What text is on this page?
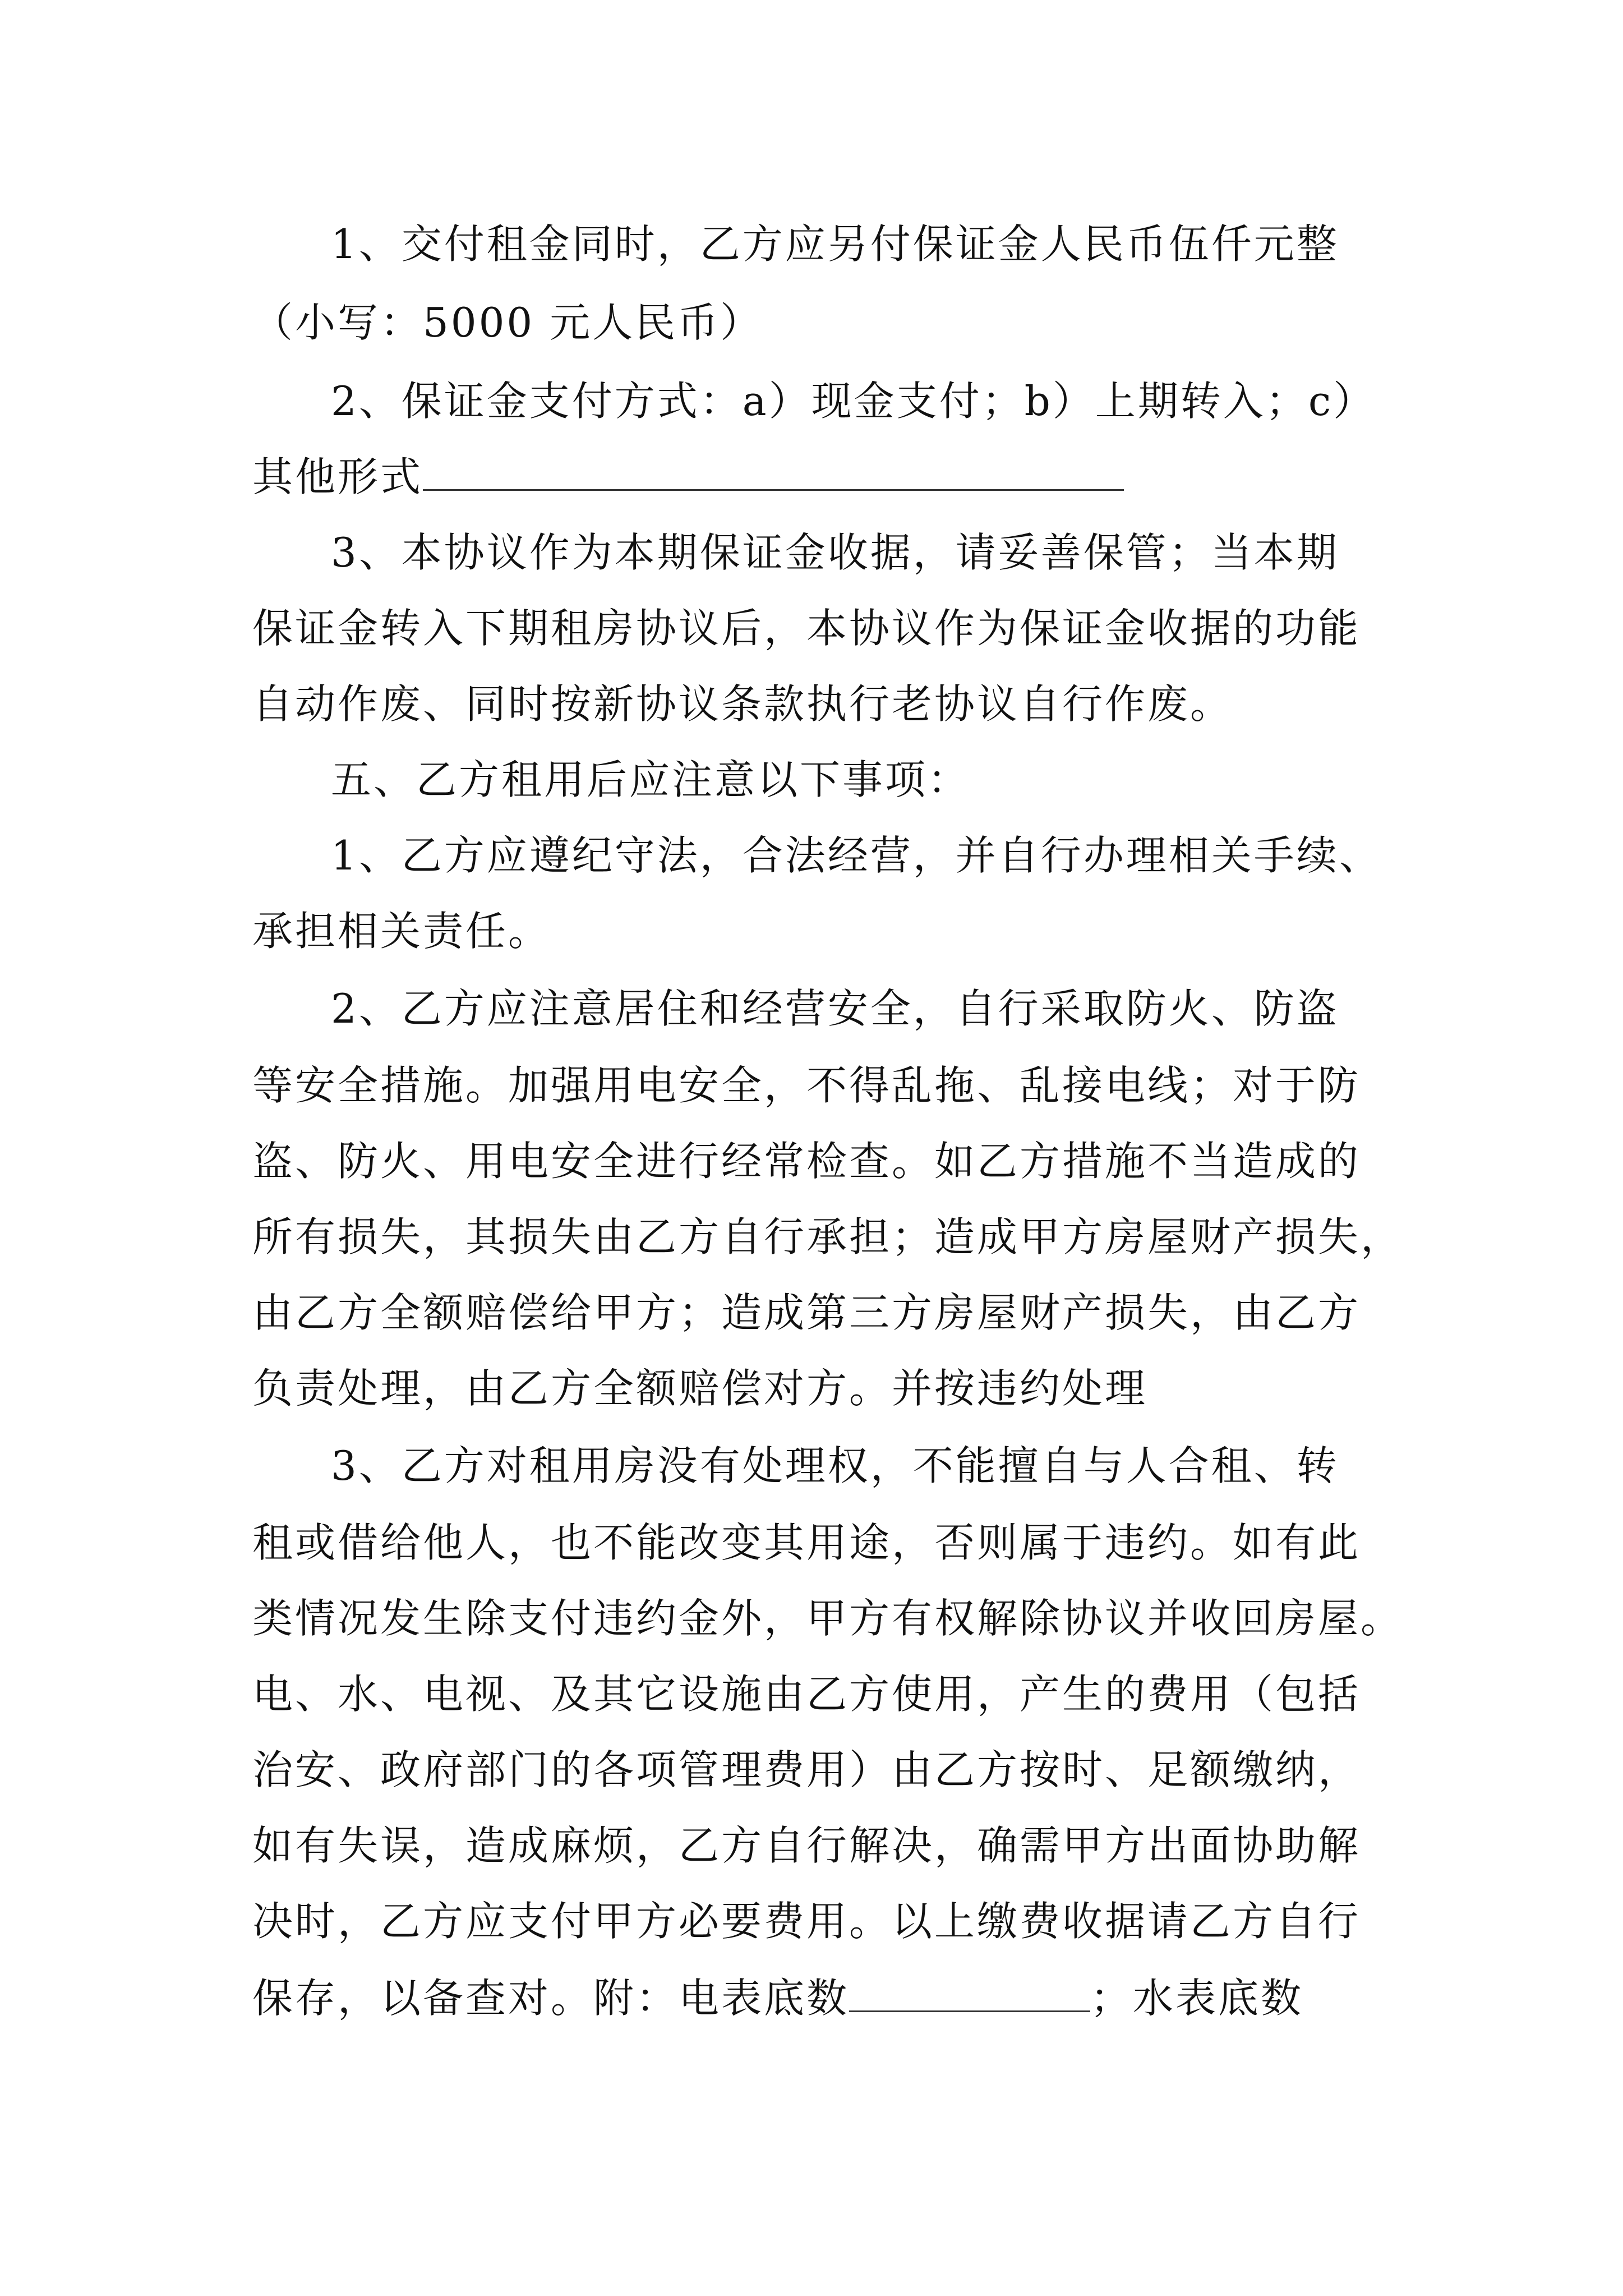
1、交付租金同时，乙方应另付保证金人民币伍仟元整
（小写：5000 元人民币）
2、保证金支付方式：a）现金支付；b）上期转入；c）
其他形式
3、本协议作为本期保证金收据，请妥善保管；当本期
保证金转入下期租房协议后，本协议作为保证金收据的功能
自动作废、同时按新协议条款执行老协议自行作废。
五、乙方租用后应注意以下事项：
1、乙方应遵纪守法，合法经营，并自行办理相关手续、
承担相关责任。
2、乙方应注意居住和经营安全，自行采取防火、防盗
等安全措施。加强用电安全，不得乱拖、乱接电线；对于防
盗、防火、用电安全进行经常检查。如乙方措施不当造成的
所有损失，其损失由乙方自行承担；造成甲方房屋财产损失，
由乙方全额赔偿给甲方；造成第三方房屋财产损失，由乙方
负责处理，由乙方全额赔偿对方。并按违约处理
3、乙方对租用房没有处理权，不能擅自与人合租、转
租或借给他人，也不能改变其用途，否则属于违约。如有此
类情况发生除支付违约金外，甲方有权解除协议并收回房屋。
电、水、电视、及其它设施由乙方使用，产生的费用（包括
治安、政府部门的各项管理费用）由乙方按时、足额缴纳，
如有失误，造成麻烦，乙方自行解决，确需甲方出面协助解
决时，乙方应支付甲方必要费用。以上缴费收据请乙方自行
保存，以备查对。附：电表底数	；水表底数
